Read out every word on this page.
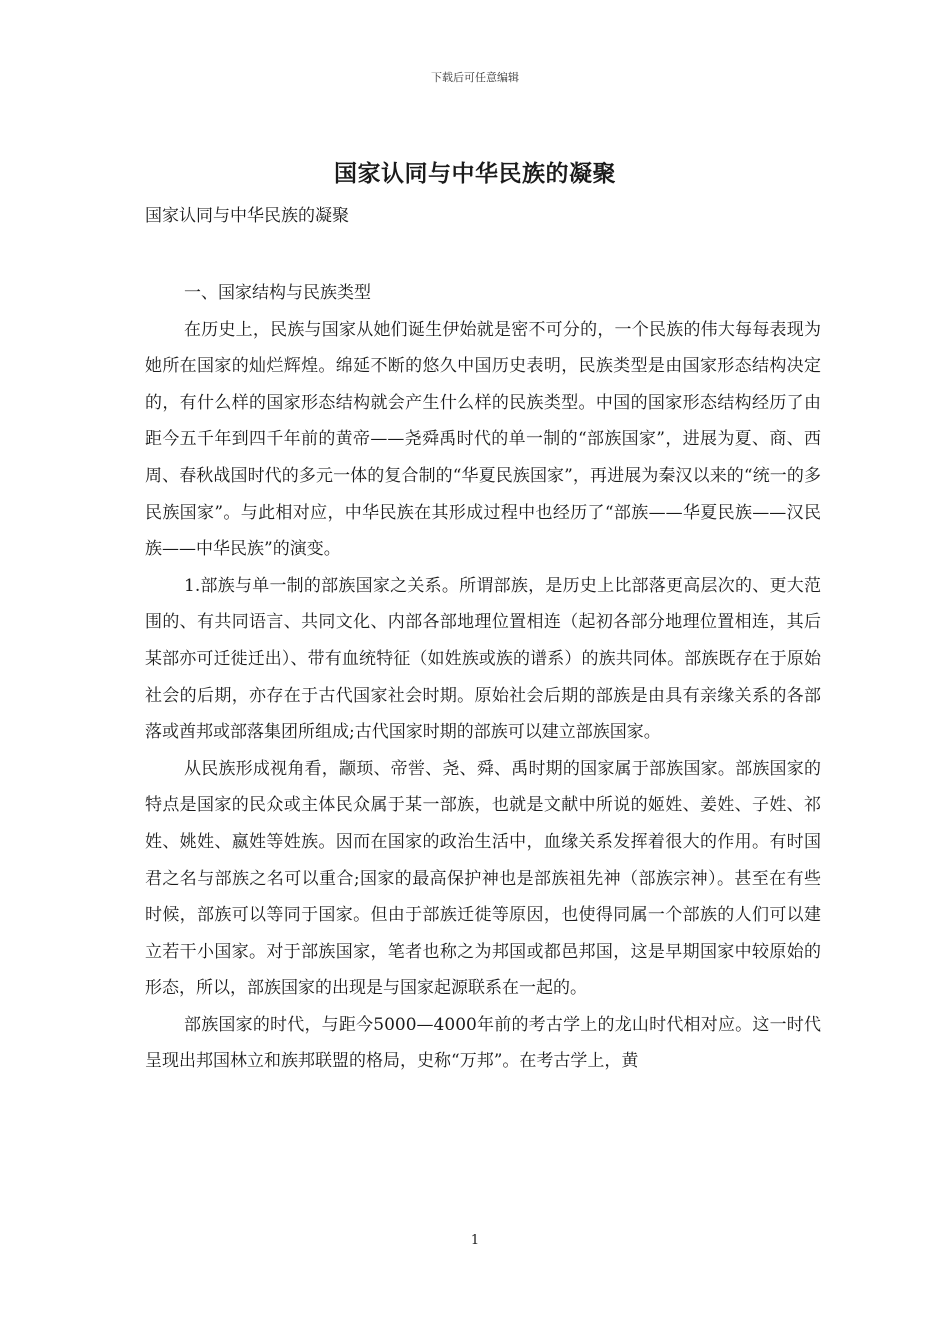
下载后可任意编辑
国家认同与中华民族的凝聚
国家认同与中华民族的凝聚

一、国家结构与民族类型

在历史上，民族与国家从她们诞生伊始就是密不可分的，一个民族的伟大每每表现为她所在国家的灿烂辉煌。绵延不断的悠久中国历史表明，民族类型是由国家形态结构决定的，有什么样的国家形态结构就会产生什么样的民族类型。中国的国家形态结构经历了由距今五千年到四千年前的黄帝——尧舜禹时代的单一制的“部族国家”，进展为夏、商、西周、春秋战国时代的多元一体的复合制的“华夏民族国家”，再进展为秦汉以来的“统一的多民族国家”。与此相对应，中华民族在其形成过程中也经历了“部族——华夏民族——汉民族——中华民族”的演变。

1.部族与单一制的部族国家之关系。所谓部族，是历史上比部落更高层次的、更大范围的、有共同语言、共同文化、内部各部地理位置相连（起初各部分地理位置相连，其后某部亦可迁徙迁出）、带有血统特征（如姓族或族的谱系）的族共同体。部族既存在于原始社会的后期，亦存在于古代国家社会时期。原始社会后期的部族是由具有亲缘关系的各部落或酋邦或部落集团所组成;古代国家时期的部族可以建立部族国家。

从民族形成视角看，颛顼、帝喾、尧、舜、禹时期的国家属于部族国家。部族国家的特点是国家的民众或主体民众属于某一部族，也就是文献中所说的姬姓、姜姓、子姓、祁姓、姚姓、嬴姓等姓族。因而在国家的政治生活中，血缘关系发挥着很大的作用。有时国君之名与部族之名可以重合;国家的最高保护神也是部族祖先神（部族宗神）。甚至在有些时候，部族可以等同于国家。但由于部族迁徙等原因，也使得同属一个部族的人们可以建立若干小国家。对于部族国家，笔者也称之为邦国或都邑邦国，这是早期国家中较原始的形态，所以，部族国家的出现是与国家起源联系在一起的。

部族国家的时代，与距今5000—4000年前的考古学上的龙山时代相对应。这一时代呈现出邦国林立和族邦联盟的格局，史称“万邦”。在考古学上，黄

1
